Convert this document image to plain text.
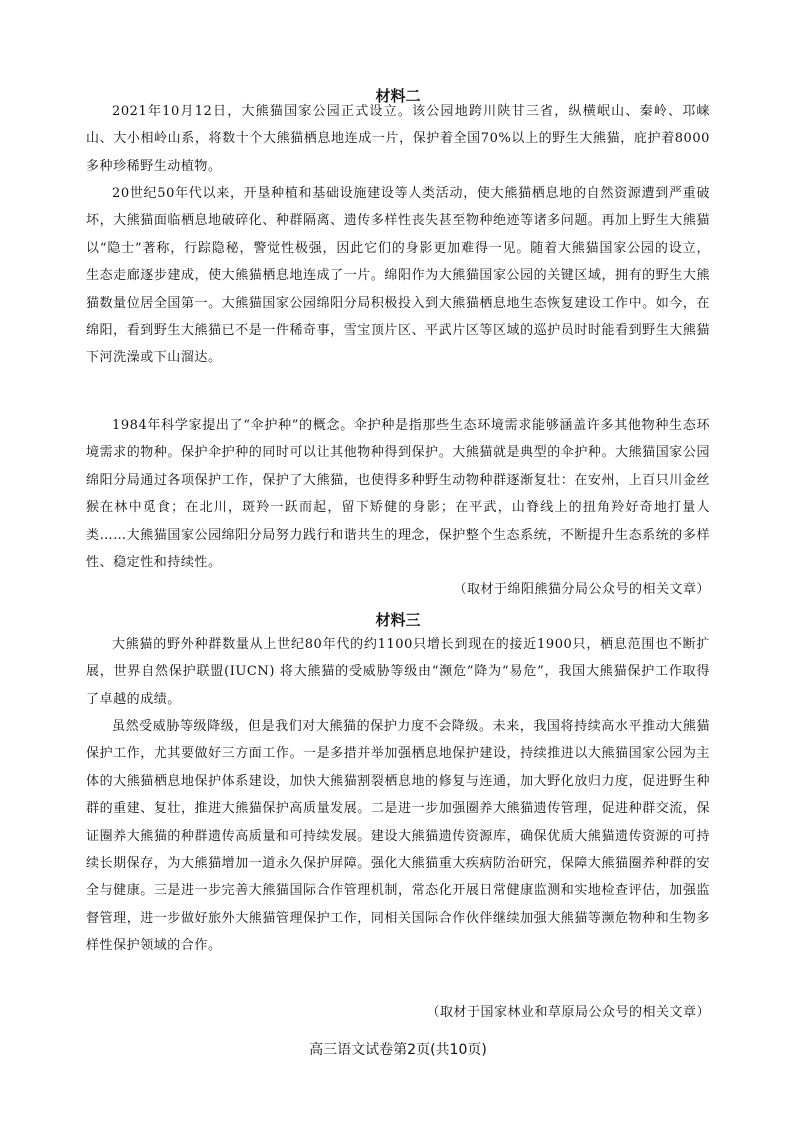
材料二
2021年10月12日，大熊猫国家公园正式设立。该公园地跨川陕甘三省，纵横岷山、秦岭、邛崃山、大小相岭山系，将数十个大熊猫栖息地连成一片，保护着全国70%以上的野生大熊猫，庇护着8000多种珍稀野生动植物。
20世纪50年代以来，开垦种植和基础设施建设等人类活动，使大熊猫栖息地的自然资源遭到严重破坏，大熊猫面临栖息地破碎化、种群隔离、遗传多样性丧失甚至物种绝迹等诸多问题。再加上野生大熊猫以“隐士”著称，行踪隐秘，警觉性极强，因此它们的身影更加难得一见。随着大熊猫国家公园的设立，生态走廊逐步建成，使大熊猫栖息地连成了一片。绵阳作为大熊猫国家公园的关键区域，拥有的野生大熊猫数量位居全国第一。大熊猫国家公园绵阳分局积极投入到大熊猫栖息地生态恢复建设工作中。如今，在绵阳，看到野生大熊猫已不是一件稀奇事，雪宝顶片区、平武片区等区域的巡护员时时能看到野生大熊猫下河洗澡或下山溜达。
1984年科学家提出了“伞护种”的概念。伞护种是指那些生态环境需求能够涵盖许多其他物种生态环境需求的物种。保护伞护种的同时可以让其他物种得到保护。大熊猫就是典型的伞护种。大熊猫国家公园绵阳分局通过各项保护工作，保护了大熊猫，也使得多种野生动物种群逐渐复壮：在安州，上百只川金丝猴在林中觅食；在北川，斑羚一跃而起，留下矫健的身影；在平武，山脊线上的扭角羚好奇地打量人类……大熊猫国家公园绵阳分局努力践行和谐共生的理念，保护整个生态系统，不断提升生态系统的多样性、稳定性和持续性。
（取材于绵阳熊猫分局公众号的相关文章）
材料三
大熊猫的野外种群数量从上世纪80年代的约1100只增长到现在的接近1900只，栖息范围也不断扩展，世界自然保护联盟(IUCN) 将大熊猫的受威胁等级由“濒危”降为“易危”，我国大熊猫保护工作取得了卓越的成绩。
虽然受威胁等级降级，但是我们对大熊猫的保护力度不会降级。未来，我国将持续高水平推动大熊猫保护工作，尤其要做好三方面工作。一是多措并举加强栖息地保护建设，持续推进以大熊猫国家公园为主体的大熊猫栖息地保护体系建设，加快大熊猫割裂栖息地的修复与连通，加大野化放归力度，促进野生种群的重建、复壮，推进大熊猫保护高质量发展。二是进一步加强圈养大熊猫遗传管理，促进种群交流，保证圈养大熊猫的种群遗传高质量和可持续发展。建设大熊猫遗传资源库，确保优质大熊猫遗传资源的可持续长期保存，为大熊猫增加一道永久保护屏障。强化大熊猫重大疾病防治研究，保障大熊猫圈养种群的安全与健康。三是进一步完善大熊猫国际合作管理机制，常态化开展日常健康监测和实地检查评估，加强监督管理，进一步做好旅外大熊猫管理保护工作，同相关国际合作伙伴继续加强大熊猫等濒危物种和生物多样性保护领域的合作。
（取材于国家林业和草原局公众号的相关文章）
高三语文试卷第2页(共10页)
